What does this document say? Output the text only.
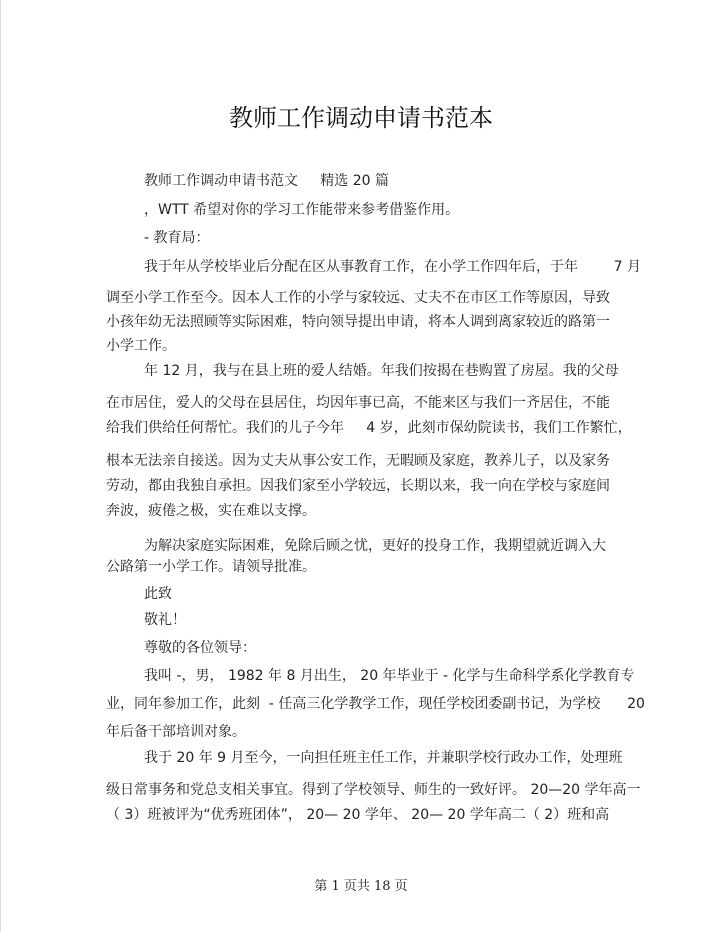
教师工作调动申请书范本
教师工作调动申请书范文     精选 20 篇
，WTT 希望对你的学习工作能带来参考借鉴作用。
- 教育局：
我于年从学校毕业后分配在区从事教育工作，在小学工作四年后，于年        7 月
调至小学工作至今。因本人工作的小学与家较远、丈夫不在市区工作等原因，导致
小孩年幼无法照顾等实际困难，特向领导提出申请，将本人调到离家较近的路第一
小学工作。
年 12 月，我与在县上班的爱人结婚。年我们按揭在巷购置了房屋。我的父母
在市居住，爱人的父母在县居住，均因年事已高，不能来区与我们一齐居住，不能
给我们供给任何帮忙。我们的儿子今年     4 岁，此刻市保幼院读书，我们工作繁忙，
根本无法亲自接送。因为丈夫从事公安工作，无暇顾及家庭，教养儿子，以及家务
劳动，都由我独自承担。因我们家至小学较远，长期以来，我一向在学校与家庭间
奔波，疲倦之极，实在难以支撑。
为解决家庭实际困难，免除后顾之忧，更好的投身工作，我期望就近调入大
公路第一小学工作。请领导批准。
此致
敬礼！
尊敬的各位领导：
我叫 -，男， 1982 年 8 月出生， 20 年毕业于 - 化学与生命科学系化学教育专
业，同年参加工作，此刻  - 任高三化学教学工作，现任学校团委副书记，为学校      20
年后备干部培训对象。
我于 20 年 9 月至今，一向担任班主任工作，并兼职学校行政办工作，处理班
级日常事务和党总支相关事宜。得到了学校领导、师生的一致好评。 20—20 学年高一
（ 3）班被评为“优秀班团体”， 20— 20 学年、 20— 20 学年高二（ 2）班和高
第 1 页共 18 页
